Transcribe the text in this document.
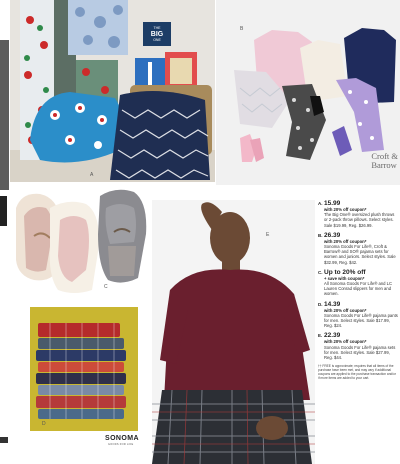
THE
BIG
ONE
A
Croft &
Barrow
B
C
D
SONOMA
GOODS FOR LIFE
E
A. 15.99
with 20% off coupon*
The Big One® oversized plush throws or 2-pack throw pillows. Select styles. Sale $19.99, Reg. $26.99.
B. 26.39
with 20% off coupon*
Sonoma Goods For Life®, Croft & Barrow® and SO® pajama sets for women and juniors. Select styles. Sale $32.99, Reg. $42.
C. Up to 20% off
+ save with coupon*
All Sonoma Goods For Life® and LC Lauren Conrad slippers for men and women.
D. 14.39
with 20% off coupon*
Sonoma Goods For Life® pajama pants for men. Select styles. Sale $17.99, Reg. $24.
E. 22.39
with 20% off coupon*
Sonoma Goods For Life® pajama sets for men. Select styles. Sale $27.99, Reg. $44.
†† FREE is approximate; requires that all items of the purchase have been met, and may vary if additional coupons are applied to the purchase transaction and/or if more items are added to your cart.
